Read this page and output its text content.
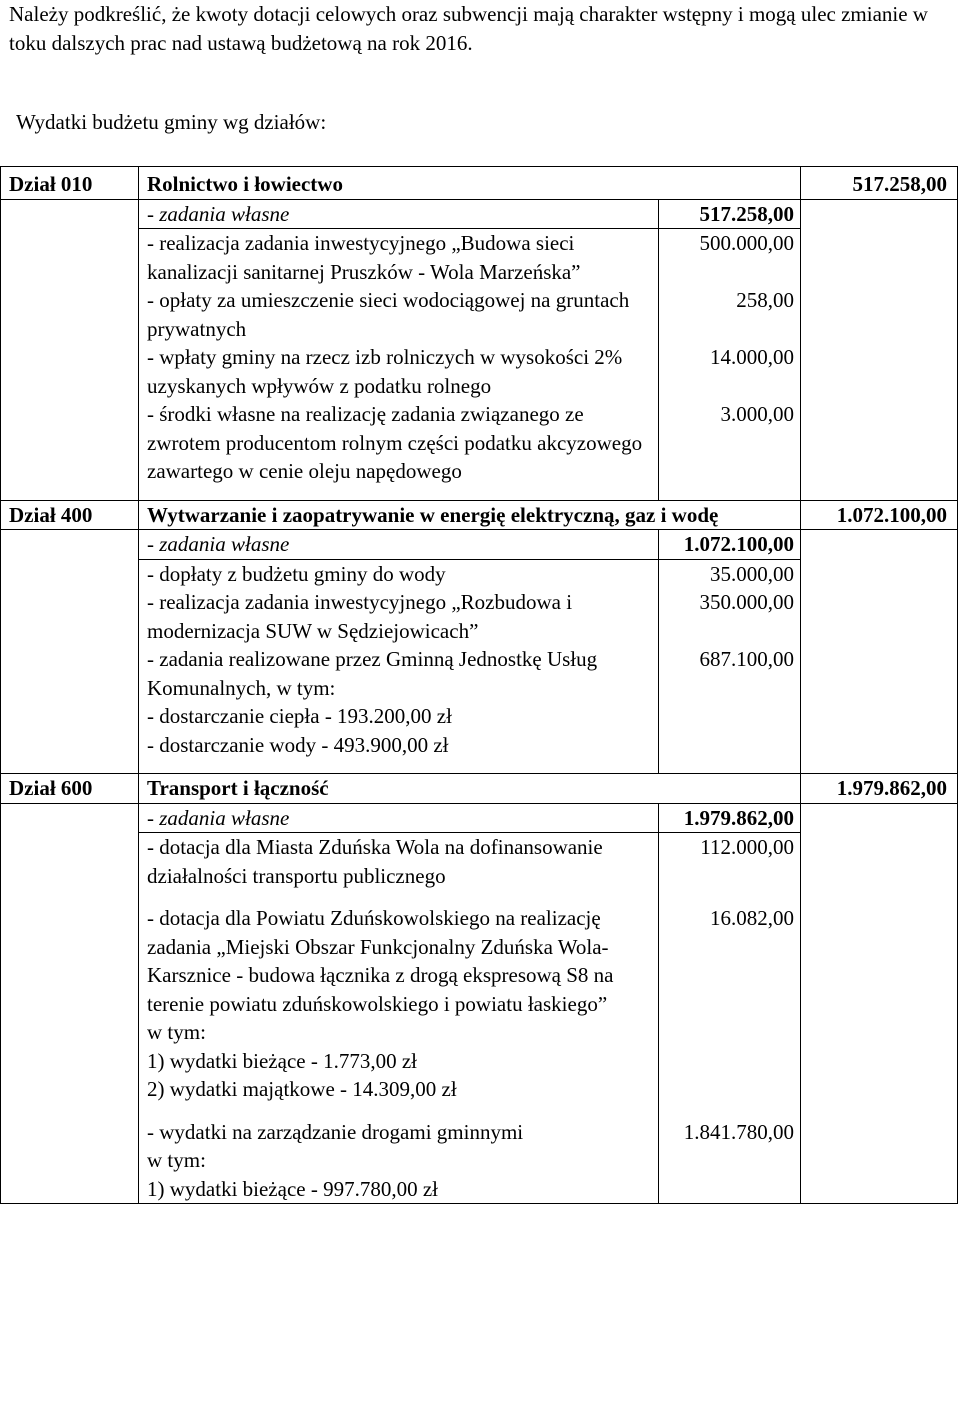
Należy podkreślić, że kwoty dotacji celowych oraz subwencji mają charakter wstępny i mogą ulec zmianie w toku dalszych prac nad ustawą budżetową na rok 2016.
Wydatki budżetu gminy wg działów:
Dział 010	Rolnictwo i łowiectwo		517.258,00
	- zadania własne	517.258,00	
	- realizacja zadania inwestycyjnego „Budowa sieci kanalizacji sanitarnej Pruszków - Wola Marzeńska”	500.000,00	
	- opłaty za umieszczenie sieci wodociągowej na gruntach prywatnych	258,00	
	- wpłaty gminy na rzecz izb rolniczych w wysokości 2% uzyskanych wpływów z podatku rolnego	14.000,00	
	- środki własne na realizację zadania związanego ze zwrotem producentom rolnym części podatku akcyzowego zawartego w cenie oleju napędowego	3.000,00	

Dział 400	Wytwarzanie i zaopatrywanie w energię elektryczną, gaz i wodę		1.072.100,00
	- zadania własne	1.072.100,00	
	- dopłaty z budżetu gminy do wody	35.000,00	
	- realizacja zadania inwestycyjnego „Rozbudowa i modernizacja SUW w Sędziejowicach”	350.000,00	
	- zadania realizowane przez Gminną Jednostkę Usług Komunalnych, w tym:	687.100,00	
	- dostarczanie ciepła - 193.200,00 zł		
	- dostarczanie wody - 493.900,00 zł		

Dział 600	Transport i łączność		1.979.862,00
	- zadania własne	1.979.862,00	
	- dotacja dla Miasta Zduńska Wola na dofinansowanie działalności transportu publicznego	112.000,00	

	- dotacja dla Powiatu Zduńskowolskiego na realizację zadania „Miejski Obszar Funkcjonalny Zduńska Wola-Karsznice - budowa łącznika z drogą ekspresową S8 na terenie powiatu zduńskowolskiego i powiatu łaskiego”	16.082,00	
	w tym:		
	1) wydatki bieżące - 1.773,00 zł		
	2) wydatki majątkowe - 14.309,00 zł		

	- wydatki na zarządzanie drogami gminnymi	1.841.780,00	
	w tym:		
	1) wydatki bieżące - 997.780,00 zł		
